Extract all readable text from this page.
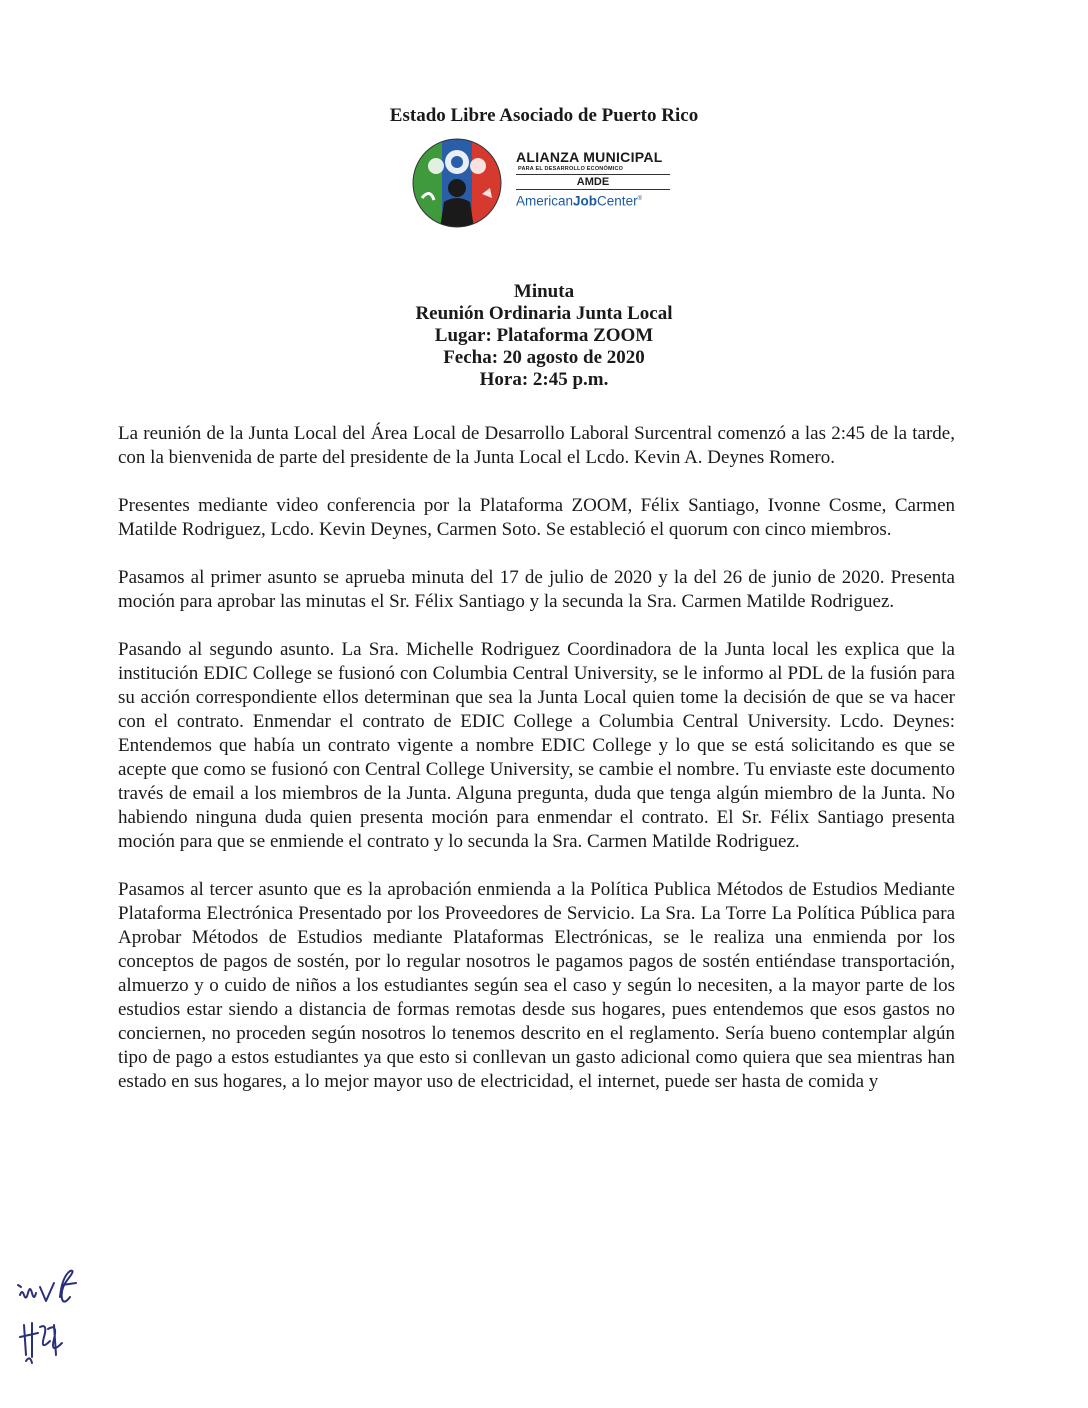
Estado Libre Asociado de Puerto Rico
ALIANZA MUNICIPAL
PARA EL DESARROLLO ECONÓMICO
AMDE
AmericanJobCenter®
Minuta
Reunión Ordinaria Junta Local
Lugar: Plataforma ZOOM
Fecha: 20 agosto de 2020
Hora: 2:45 p.m.

La reunión de la Junta Local del Área Local de Desarrollo Laboral Surcentral comenzó a las 2:45 de la tarde, con la bienvenida de parte del presidente de la Junta Local el Lcdo. Kevin A. Deynes Romero.

Presentes mediante video conferencia por la Plataforma ZOOM, Félix Santiago, Ivonne Cosme, Carmen Matilde Rodriguez, Lcdo. Kevin Deynes, Carmen Soto. Se estableció el quorum con cinco miembros.

Pasamos al primer asunto se aprueba minuta del 17 de julio de 2020 y la del 26 de junio de 2020. Presenta moción para aprobar las minutas el Sr. Félix Santiago y la secunda la Sra. Carmen Matilde Rodriguez.

Pasando al segundo asunto. La Sra. Michelle Rodriguez Coordinadora de la Junta local les explica que la institución EDIC College se fusionó con Columbia Central University, se le informo al PDL de la fusión para su acción correspondiente ellos determinan que sea la Junta Local quien tome la decisión de que se va hacer con el contrato. Enmendar el contrato de EDIC College a Columbia Central University. Lcdo. Deynes: Entendemos que había un contrato vigente a nombre EDIC College y lo que se está solicitando es que se acepte que como se fusionó con Central College University, se cambie el nombre. Tu enviaste este documento través de email a los miembros de la Junta. Alguna pregunta, duda que tenga algún miembro de la Junta. No habiendo ninguna duda quien presenta moción para enmendar el contrato. El Sr. Félix Santiago presenta moción para que se enmiende el contrato y lo secunda la Sra. Carmen Matilde Rodriguez.

Pasamos al tercer asunto que es la aprobación enmienda a la Política Publica Métodos de Estudios Mediante Plataforma Electrónica Presentado por los Proveedores de Servicio. La Sra. La Torre La Política Pública para Aprobar Métodos de Estudios mediante Plataformas Electrónicas, se le realiza una enmienda por los conceptos de pagos de sostén, por lo regular nosotros le pagamos pagos de sostén entiéndase transportación, almuerzo y o cuido de niños a los estudiantes según sea el caso y según lo necesiten, a la mayor parte de los estudios estar siendo a distancia de formas remotas desde sus hogares, pues entendemos que esos gastos no conciernen, no proceden según nosotros lo tenemos descrito en el reglamento. Sería bueno contemplar algún tipo de pago a estos estudiantes ya que esto si conllevan un gasto adicional como quiera que sea mientras han estado en sus hogares, a lo mejor mayor uso de electricidad, el internet, puede ser hasta de comida y
